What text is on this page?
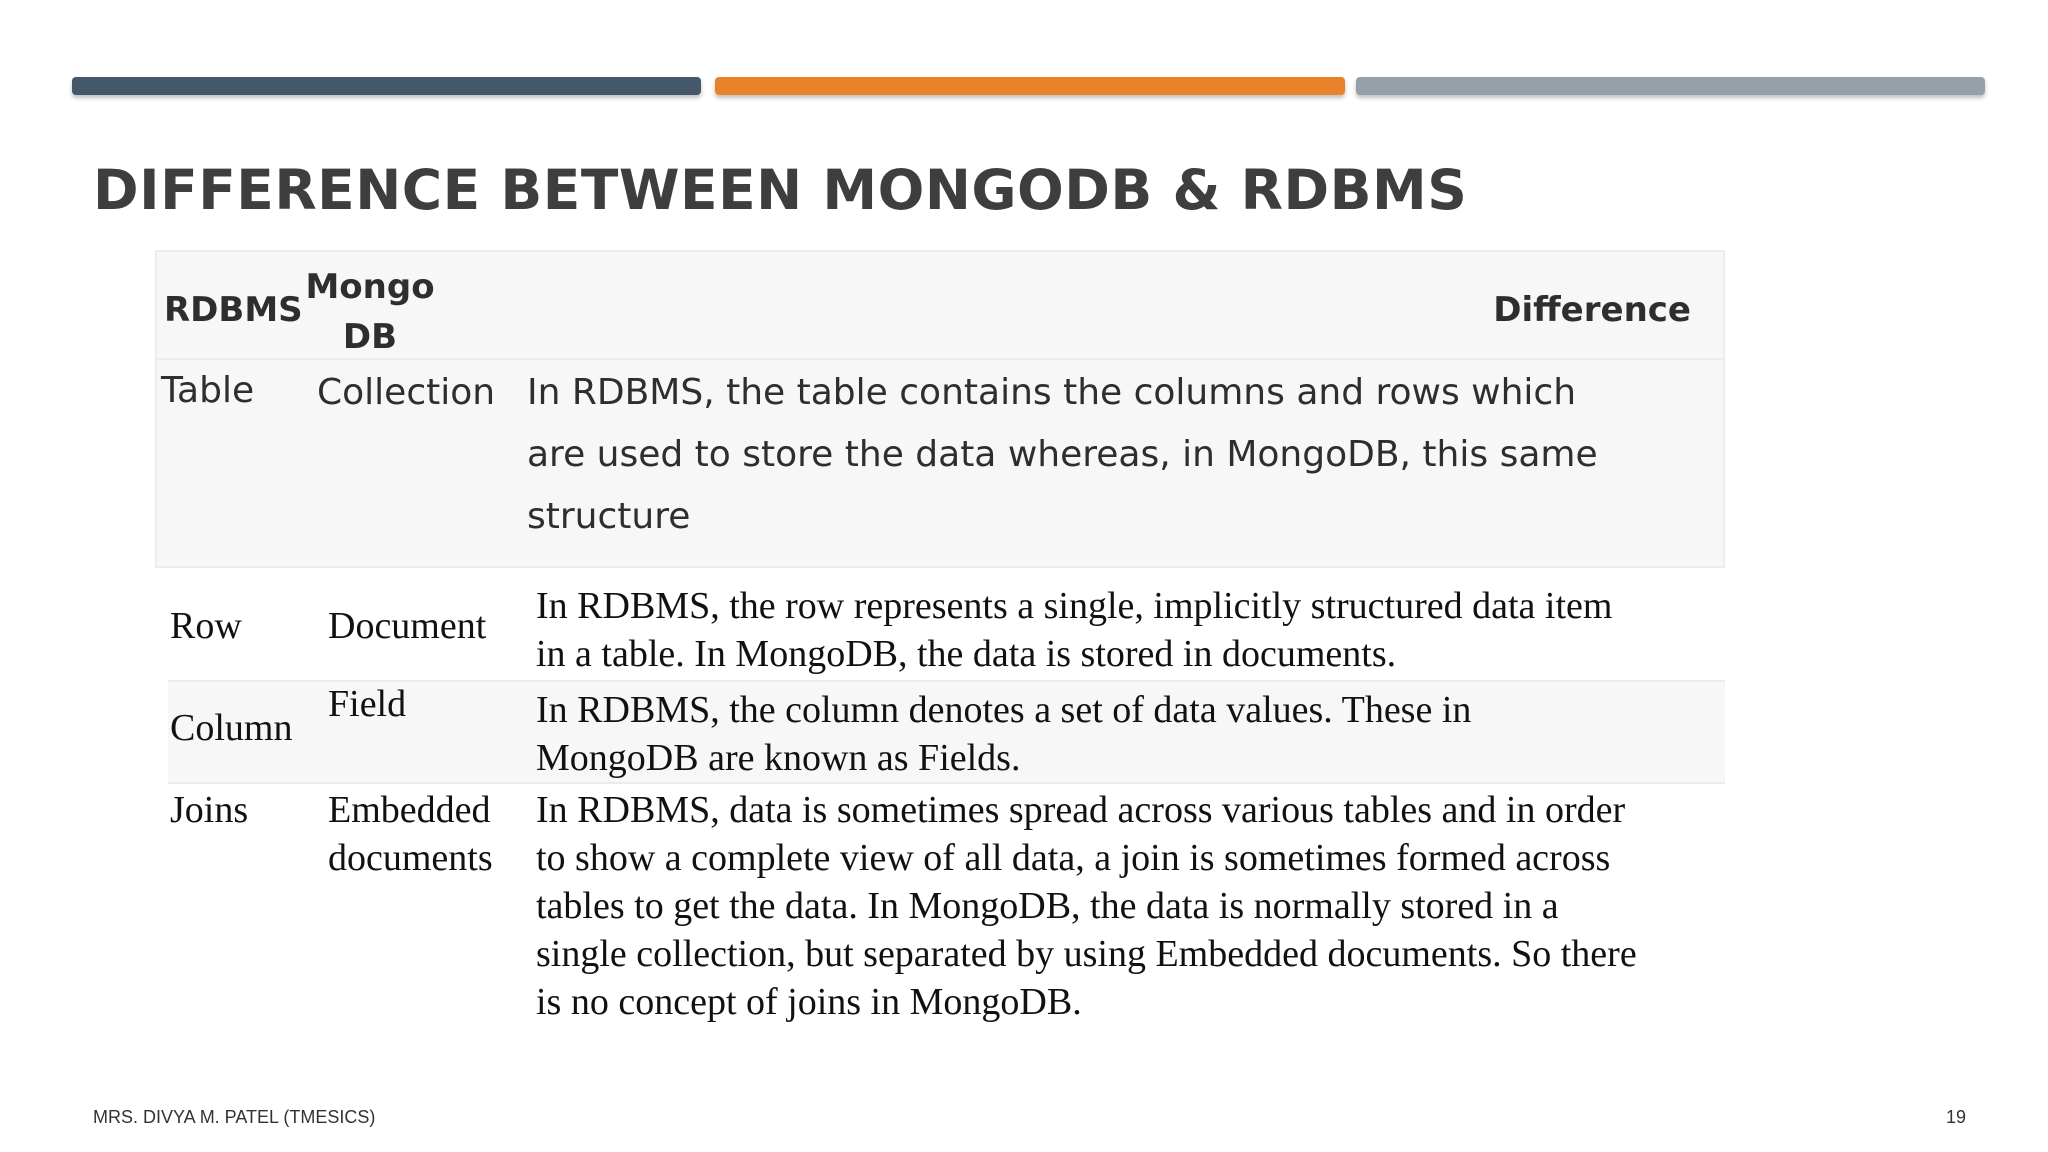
DIFFERENCE BETWEEN MONGODB & RDBMS
RDBMS
Mongo
DB
Difference
Table Collection In RDBMS, the table contains the columns and rows which are used to store the data whereas, in MongoDB, this same structure
Row Document In RDBMS, the row represents a single, implicitly structured data item in a table. In MongoDB, the data is stored in documents.
Column
Field	In RDBMS, the column denotes a set of data values. These in MongoDB are known as Fields.
Joins Embedded
documents
In RDBMS, data is sometimes spread across various tables and in order to show a complete view of all data, a join is sometimes formed across tables to get the data. In MongoDB, the data is normally stored in a single collection, but separated by using Embedded documents. So there is no concept of joins in MongoDB.
MRS. DIVYA M. PATEL (TMESICS)	19
